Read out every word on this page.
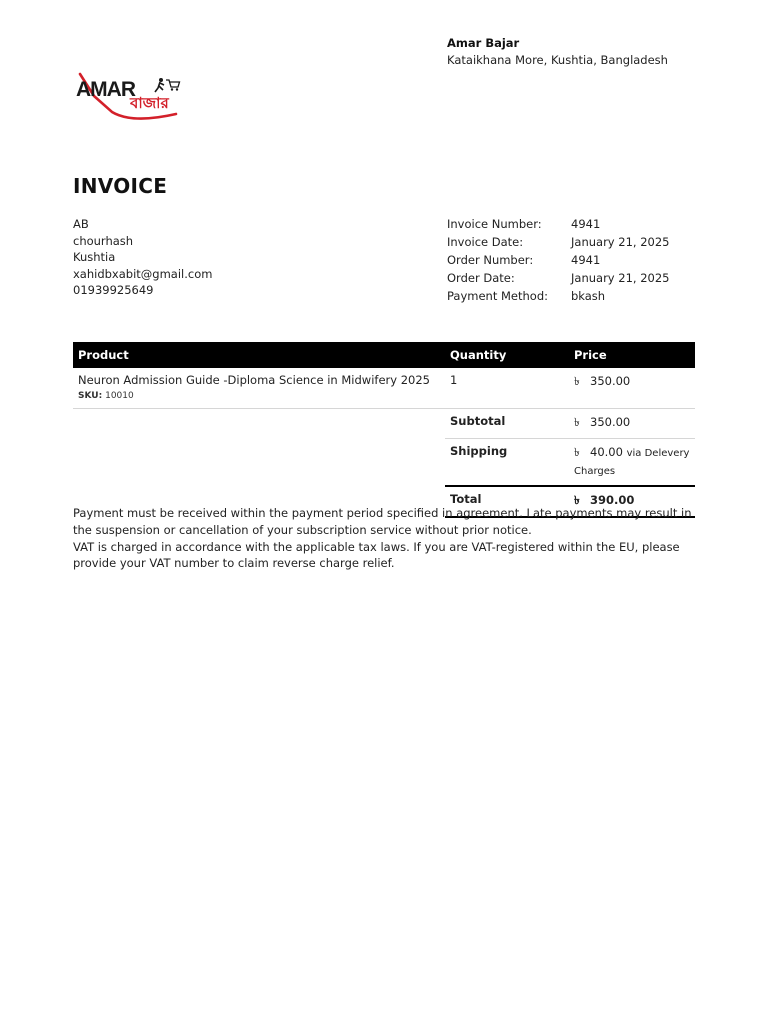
Amar Bajar
Kataikhana More, Kushtia, Bangladesh
AMAR
বাজার
INVOICE
AB
chourhash
Kushtia
xahidbxabit@gmail.com
01939925649
Invoice Number:	4941
Invoice Date:	January 21, 2025
Order Number:	4941
Order Date:	January 21, 2025
Payment Method:	bkash
Product	Quantity	Price
Neuron Admission Guide -Diploma Science in Midwifery 2025
SKU: 10010	1	৳ 350.00
	Subtotal	৳ 350.00
	Shipping	৳ 40.00 via Delevery Charges
	Total	৳ 390.00

Payment must be received within the payment period specified in agreement. Late payments may result in the suspension or cancellation of your subscription service without prior notice.

VAT is charged in accordance with the applicable tax laws. If you are VAT-registered within the EU, please provide your VAT number to claim reverse charge relief.
